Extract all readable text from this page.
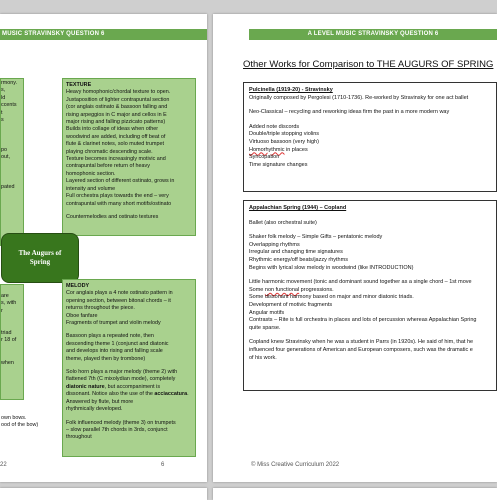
MUSIC STRAVINSKY QUESTION 6
rmony.
s,
ld
ccents
t
s
po
out,
pated

TEXTURE

Heavy homophonic/chordal texture to open.

Juxtaposition of lighter contrapuntal section

(cor anglais ostinato & bassoon falling and

rising arpeggios in C major and cellos in E

major rising and falling pizzicato patterns)

Builds into collage of ideas when other

woodwind are added, including off beat of

flute & clarinet notes, solo muted trumpet

playing chromatic descending scale.

Texture becomes increasingly motivic and

contrapuntal before return of heavy

homophonic section.

Layered section of different ostinato, grows in

intensity and volume

Full orchestra plays towards the end – very

contrapuntal with many short motifs/ostinato

Countermelodies and ostinato textures

The Augurs of
Spring
are
s, with
r
triad
r 18 of
when
own bows.
ood of the bow)

MELODY

Cor anglais plays a 4 note ostinato pattern in

opening section, between bitonal chords – it

returns throughout the piece.

Oboe fanfare

Fragments of trumpet and violin melody

Bassoon plays a repeated note, then

descending theme 1 (conjunct and diatonic

and develops into rising and falling scale

theme, played then by trombone)

Solo horn plays a major melody (theme 2) with

flattened 7th (C mixolydian mode), completely

diatonic nature, but accompaniment is

dissonant. Notice also the use of the acciaccatura. Answered by flute, but more

rhythmically developed.

Folk influenced melody (theme 3) on trumpets

– slow parallel 7th chords in 3rds, conjunct

throughout

22	6
A LEVEL MUSIC STRAVINSKY QUESTION 6
Other Works for Comparison to THE AUGURS OF SPRING

Pulcinella (1919-20) - Stravinsky

Originally composed by Pergolesi (1710-1736). Re-worked by Stravinsky for one act ballet

Neo-Classical – recycling and reworking ideas firm the past in a more modern way

Added note discords

Double/triple stopping violins

Virtuoso bassoon (very high)

Homorhythmic in places

Syncopation

Time signature changes

Appalachian Spring (1944) – Copland

Ballet (also orchestral suite)

Shaker folk melody – Simple Gifts – pentatonic melody

Overlapping rhythms

Irregular and changing time signatures

Rhythmic energy/off beats/jazzy rhythms

Begins with lyrical slow melody in woodwind (like INTRODUCTION)

Little harmonic movement (tonic and dominant sound together as a single chord – 1st move

Some non functional progressions.

Some dissonant harmony based on major and minor diatonic triads.

Development of motivic fragments

Angular motifs

Contrasts – Rite is full orchestra in places and lots of percussion whereas Appalachian Spring

quite sparse.

Copland knew Stravinsky when he was a student in Parrs (in 1920s). He said of him, that he

influenced four generations of American and European composers, such was the dramatic e

of his work.

© Miss Creative Curriculum 2022
